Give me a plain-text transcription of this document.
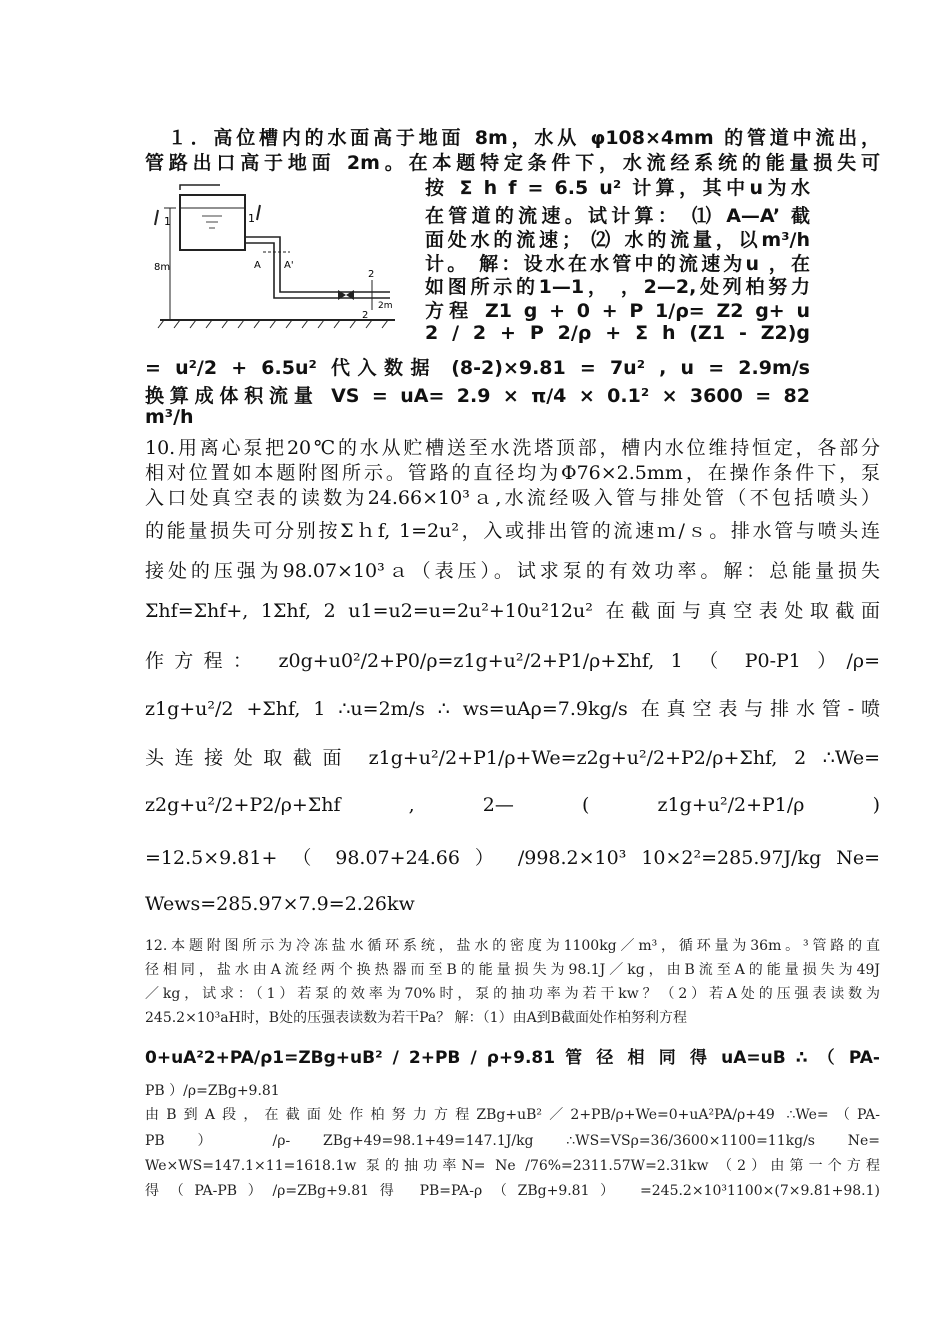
　１．高位槽内的水面高于地面 8m，水从 φ108×4mm 的管道中流出，
管路出口高于地面 2m。在本题特定条件下，水流经系统的能量损失可
1	1
8m	A A'
2
2
2m
按 Σ h f = 6.5 u² 计算，其中u为水
在管道的流速。试计算： ⑴ A—A’ 截
面处水的流速； ⑵ 水的流量，以m³/h
计。 解：设水在水管中的流速为u ，在
如图所示的1—1， ，2—2,处列柏努力
方程 Z1 g + 0 + P 1/ρ= Z2 g+ u
2 / 2 + P 2/ρ + Σ h (Z1 - Z2)g
= u²/2 + 6.5u² 代入数据 (8-2)×9.81 = 7u² , u = 2.9m/s
换算成体积流量 VS = uA= 2.9 × π/4 × 0.1² × 3600 = 82
m³/h
10.用离心泵把20℃的水从贮槽送至水洗塔顶部，槽内水位维持恒定，各部分
相对位置如本题附图所示。管路的直径均为Φ76×2.5mm，在操作条件下，泵
入口处真空表的读数为24.66×10³ａ,水流经吸入管与排处管（不包括喷头）
的能量损失可分别按Σｈf, 1=2u²，入或排出管的流速ｍ/ｓ。排水管与喷头连
接处的压强为98.07×10³ａ（表压）。试求泵的有效功率。解：总能量损失
Σhf=Σhf+, 1Σhf, 2 u1=u2=u=2u²+10u²12u² 在截面与真空表处取截面
作方程： z0g+u0²/2+P0/ρ=z1g+u²/2+P1/ρ+Σhf, 1 （ P0-P1 ）/ρ=
z1g+u²/2 +Σhf, 1 ∴u=2m/s ∴ ws=uAρ=7.9kg/s 在真空表与排水管-喷
头连接处取截面 z1g+u²/2+P1/ρ+We=z2g+u²/2+P2/ρ+Σhf, 2 ∴We=
z2g+u²/2+P2/ρ+Σhf , 2— ( z1g+u²/2+P1/ρ )
=12.5×9.81+ （ 98.07+24.66 ） /998.2×10³ 10×2²=285.97J/kg Ne=
Wews=285.97×7.9=2.26kw
12.本题附图所示为冷冻盐水循环系统，盐水的密度为1100kg／m³，循环量为36m。³管路的直
径相同，盐水由A流经两个换热器而至B的能量损失为98.1J／kg，由B流至A的能量损失为49J
／kg，试求：（1）若泵的效率为70%时，泵的抽功率为若干kw？（2）若A处的压强表读数为
245.2×10³aH时，B处的压强表读数为若干Pa？ 解：（1）由A到B截面处作柏努利方程
0+uA²2+PA/ρ1=ZBg+uB² / 2+PB / ρ+9.81 管 径 相 同 得 uA=uB ∴ （ PA-
PB ）/ρ=ZBg+9.81
由B到A段，在截面处作柏努力方程ZBg+uB²／2+PB/ρ+We=0+uA²PA/ρ+49 ∴We=（PA-
PB ） /ρ- ZBg+49=98.1+49=147.1J/kg ∴WS=VSρ=36/3600×1100=11kg/s Ne=
We×WS=147.1×11=1618.1w 泵的抽功率N= Ne /76%=2311.57W=2.31kw （2）由第一个方程
得（PA-PB）/ρ=ZBg+9.81得 PB=PA-ρ（ZBg+9.81） =245.2×10³1100×(7×9.81+98.1)
